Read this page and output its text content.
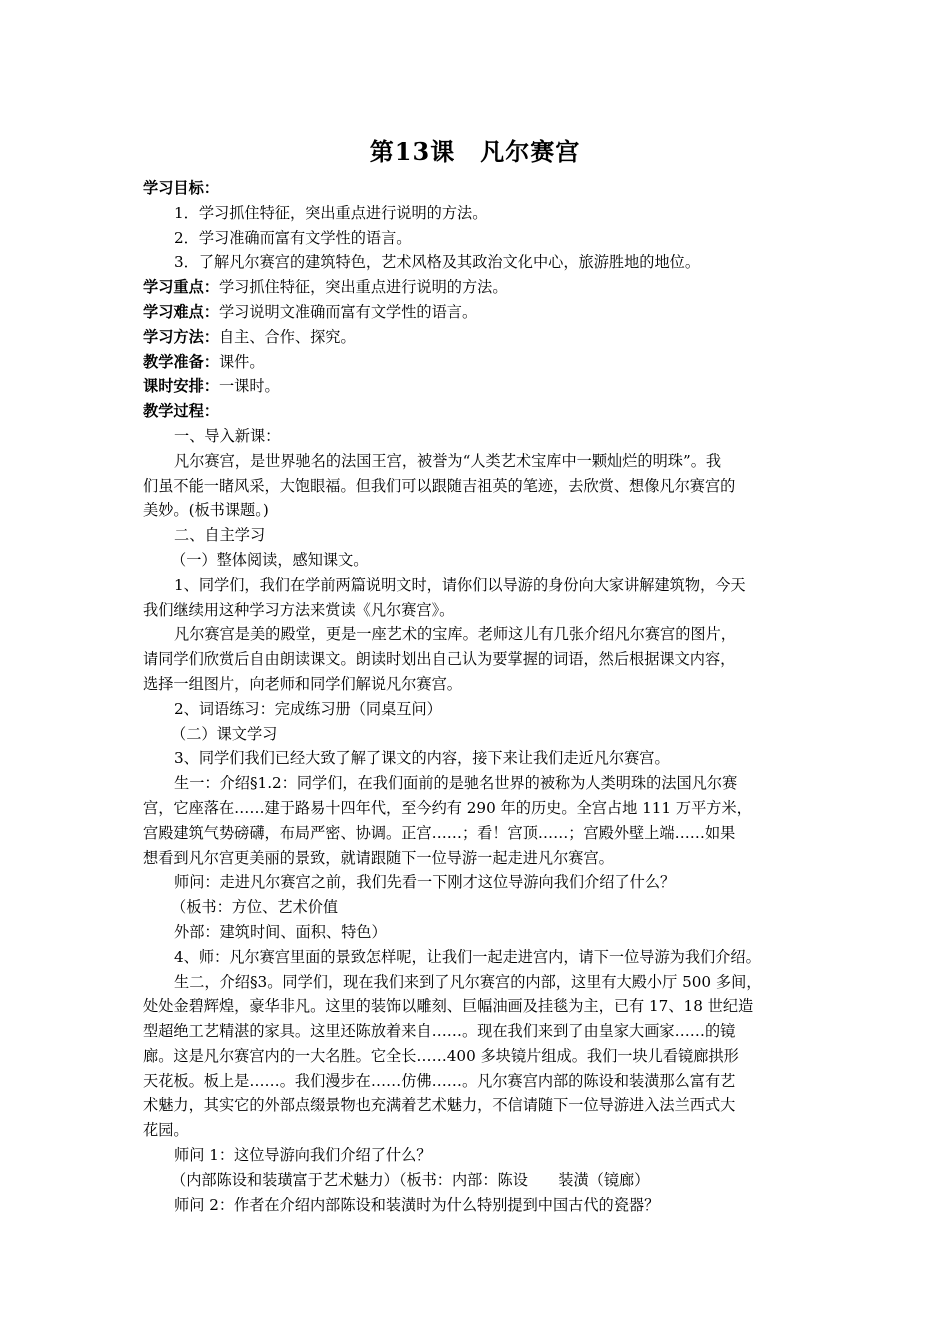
第13课　凡尔赛宫
学习目标：
1．学习抓住特征，突出重点进行说明的方法。
2．学习准确而富有文学性的语言。
3．了解凡尔赛宫的建筑特色，艺术风格及其政治文化中心，旅游胜地的地位。
学习重点：学习抓住特征，突出重点进行说明的方法。
学习难点：学习说明文准确而富有文学性的语言。
学习方法：自主、合作、探究。
教学准备：课件。
课时安排：一课时。
教学过程：
一、导入新课：
凡尔赛宫，是世界驰名的法国王宫，被誉为“人类艺术宝库中一颗灿烂的明珠”。我
们虽不能一睹风采，大饱眼福。但我们可以跟随吉祖英的笔迹，去欣赏、想像凡尔赛宫的
美妙。(板书课题。)
二、自主学习
（一）整体阅读，感知课文。
1、同学们，我们在学前两篇说明文时，请你们以导游的身份向大家讲解建筑物，今天
我们继续用这种学习方法来赏读《凡尔赛宫》。
凡尔赛宫是美的殿堂，更是一座艺术的宝库。老师这儿有几张介绍凡尔赛宫的图片，
请同学们欣赏后自由朗读课文。朗读时划出自己认为要掌握的词语，然后根据课文内容，
选择一组图片，向老师和同学们解说凡尔赛宫。
2、词语练习：完成练习册（同桌互问）
（二）课文学习
3、同学们我们已经大致了解了课文的内容，接下来让我们走近凡尔赛宫。
生一：介绍§1.2：同学们，在我们面前的是驰名世界的被称为人类明珠的法国凡尔赛
宫，它座落在……建于路易十四年代，至今约有 290 年的历史。全宫占地 111 万平方米，
宫殿建筑气势磅礴，布局严密、协调。正宫……；看！宫顶……；宫殿外壁上端……如果
想看到凡尔宫更美丽的景致，就请跟随下一位导游一起走进凡尔赛宫。
师问：走进凡尔赛宫之前，我们先看一下刚才这位导游向我们介绍了什么？
（板书：方位、艺术价值
外部：建筑时间、面积、特色）
4、师：凡尔赛宫里面的景致怎样呢，让我们一起走进宫内，请下一位导游为我们介绍。
生二，介绍§3。同学们，现在我们来到了凡尔赛宫的内部，这里有大殿小厅 500 多间，
处处金碧辉煌，豪华非凡。这里的装饰以雕刻、巨幅油画及挂毯为主，已有 17、18 世纪造
型超绝工艺精湛的家具。这里还陈放着来自……。现在我们来到了由皇家大画家……的镜
廊。这是凡尔赛宫内的一大名胜。它全长……400 多块镜片组成。我们一块儿看镜廊拱形
天花板。板上是……。我们漫步在……仿佛……。凡尔赛宫内部的陈设和装潢那么富有艺
术魅力，其实它的外部点缀景物也充满着艺术魅力，不信请随下一位导游进入法兰西式大
花园。
师问 1：这位导游向我们介绍了什么？
（内部陈设和装璜富于艺术魅力）（板书：内部：陈设　　装潢（镜廊）
师问 2：作者在介绍内部陈设和装潢时为什么特别提到中国古代的瓷器？
